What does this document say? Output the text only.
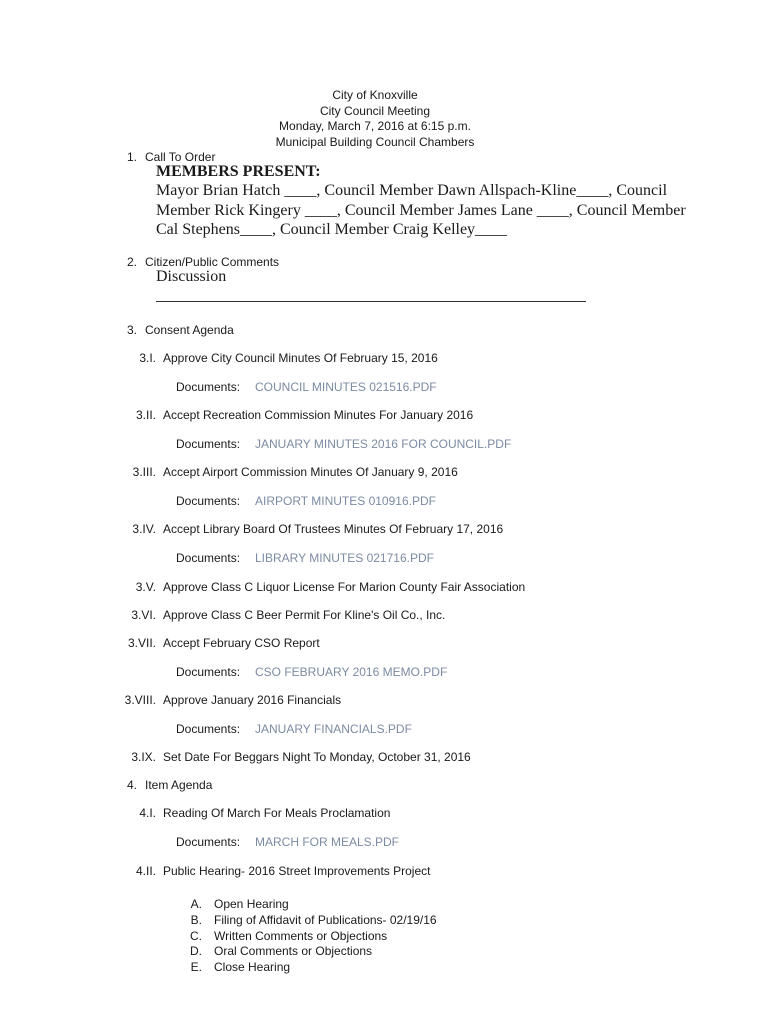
City of Knoxville
City Council Meeting
Monday, March 7, 2016 at 6:15 p.m.
Municipal Building Council Chambers
1. Call To Order
MEMBERS PRESENT:
Mayor Brian Hatch ____, Council Member Dawn Allspach-Kline____, Council
Member Rick Kingery ____, Council Member James Lane ____, Council Member
Cal Stephens____, Council Member Craig Kelley____
2. Citizen/Public Comments
Discussion
3. Consent Agenda
3.I. Approve City Council Minutes Of February 15, 2016
Documents: COUNCIL MINUTES 021516.PDF
3.II. Accept Recreation Commission Minutes For January 2016
Documents: JANUARY MINUTES 2016 FOR COUNCIL.PDF
3.III. Accept Airport Commission Minutes Of January 9, 2016
Documents: AIRPORT MINUTES 010916.PDF
3.IV. Accept Library Board Of Trustees Minutes Of February 17, 2016
Documents: LIBRARY MINUTES 021716.PDF
3.V. Approve Class C Liquor License For Marion County Fair Association
3.VI. Approve Class C Beer Permit For Kline's Oil Co., Inc.
3.VII. Accept February CSO Report
Documents: CSO FEBRUARY 2016 MEMO.PDF
3.VIII. Approve January 2016 Financials
Documents: JANUARY FINANCIALS.PDF
3.IX. Set Date For Beggars Night To Monday, October 31, 2016
4. Item Agenda
4.I. Reading Of March For Meals Proclamation
Documents: MARCH FOR MEALS.PDF
4.II. Public Hearing- 2016 Street Improvements Project
A. Open Hearing
B. Filing of Affidavit of Publications- 02/19/16
C. Written Comments or Objections
D. Oral Comments or Objections
E. Close Hearing
